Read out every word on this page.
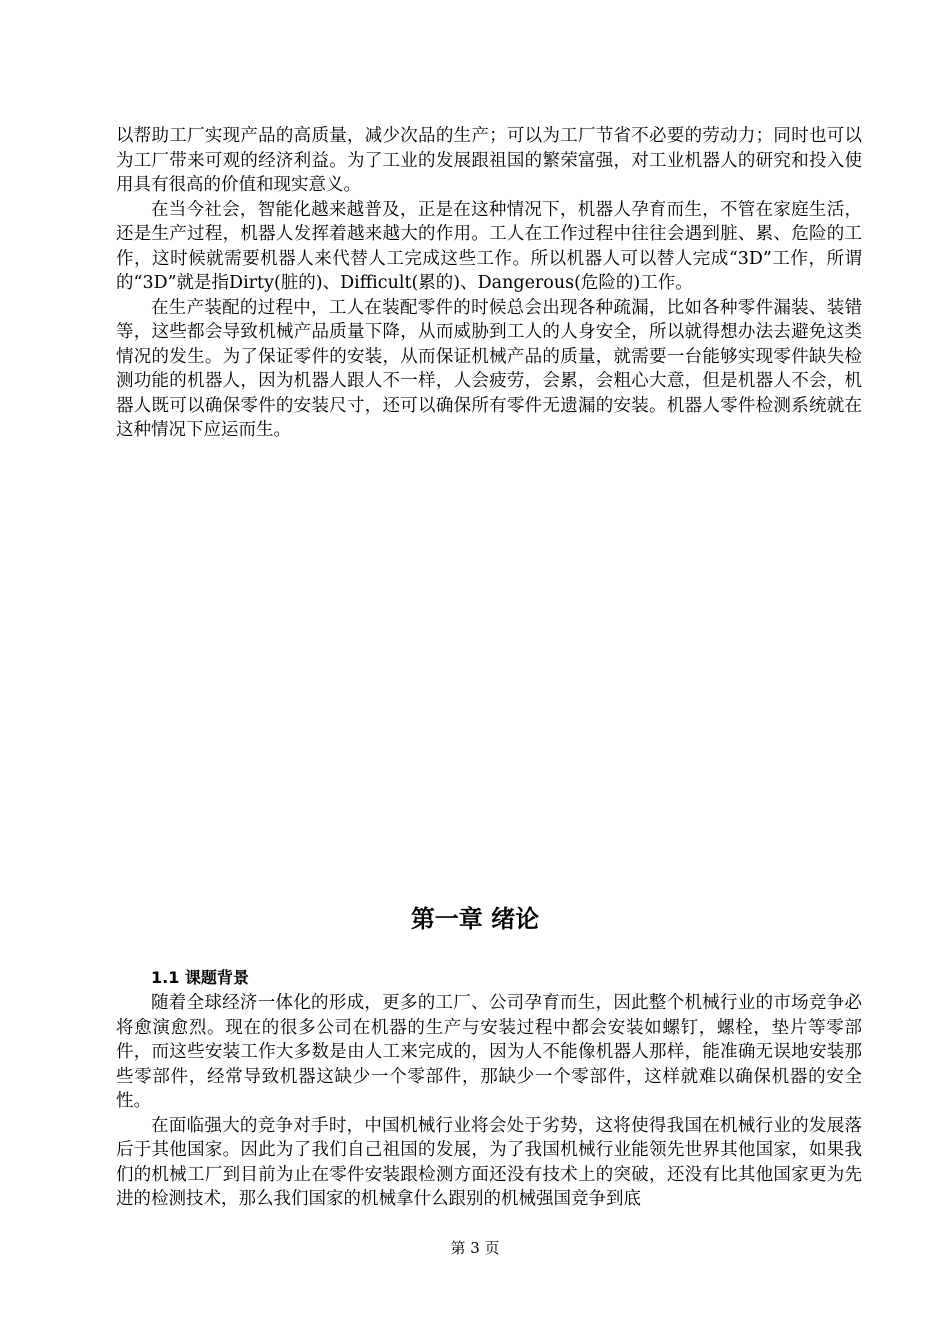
以帮助工厂实现产品的高质量，减少次品的生产；可以为工厂节省不必要的劳动力；同时也可以为工厂带来可观的经济利益。为了工业的发展跟祖国的繁荣富强，对工业机器人的研究和投入使用具有很高的价值和现实意义。

在当今社会，智能化越来越普及，正是在这种情况下，机器人孕育而生，不管在家庭生活，还是生产过程，机器人发挥着越来越大的作用。工人在工作过程中往往会遇到脏、累、危险的工作，这时候就需要机器人来代替人工完成这些工作。所以机器人可以替人完成“3D”工作，所谓的“3D”就是指Dirty(脏的)、Difficult(累的)、Dangerous(危险的)工作。

在生产装配的过程中，工人在装配零件的时候总会出现各种疏漏，比如各种零件漏装、装错等，这些都会导致机械产品质量下降，从而威胁到工人的人身安全，所以就得想办法去避免这类情况的发生。为了保证零件的安装，从而保证机械产品的质量，就需要一台能够实现零件缺失检测功能的机器人，因为机器人跟人不一样，人会疲劳，会累，会粗心大意，但是机器人不会，机器人既可以确保零件的安装尺寸，还可以确保所有零件无遗漏的安装。机器人零件检测系统就在这种情况下应运而生。

第一章 绪论
1.1 课题背景

随着全球经济一体化的形成，更多的工厂、公司孕育而生，因此整个机械行业的市场竞争必将愈演愈烈。现在的很多公司在机器的生产与安装过程中都会安装如螺钉，螺栓，垫片等零部件，而这些安装工作大多数是由人工来完成的，因为人不能像机器人那样，能准确无误地安装那些零部件，经常导致机器这缺少一个零部件，那缺少一个零部件，这样就难以确保机器的安全性。

在面临强大的竞争对手时，中国机械行业将会处于劣势，这将使得我国在机械行业的发展落后于其他国家。因此为了我们自己祖国的发展，为了我国机械行业能领先世界其他国家，如果我们的机械工厂到目前为止在零件安装跟检测方面还没有技术上的突破，还没有比其他国家更为先进的检测技术，那么我们国家的机械拿什么跟别的机械强国竞争到底

第 3 页
